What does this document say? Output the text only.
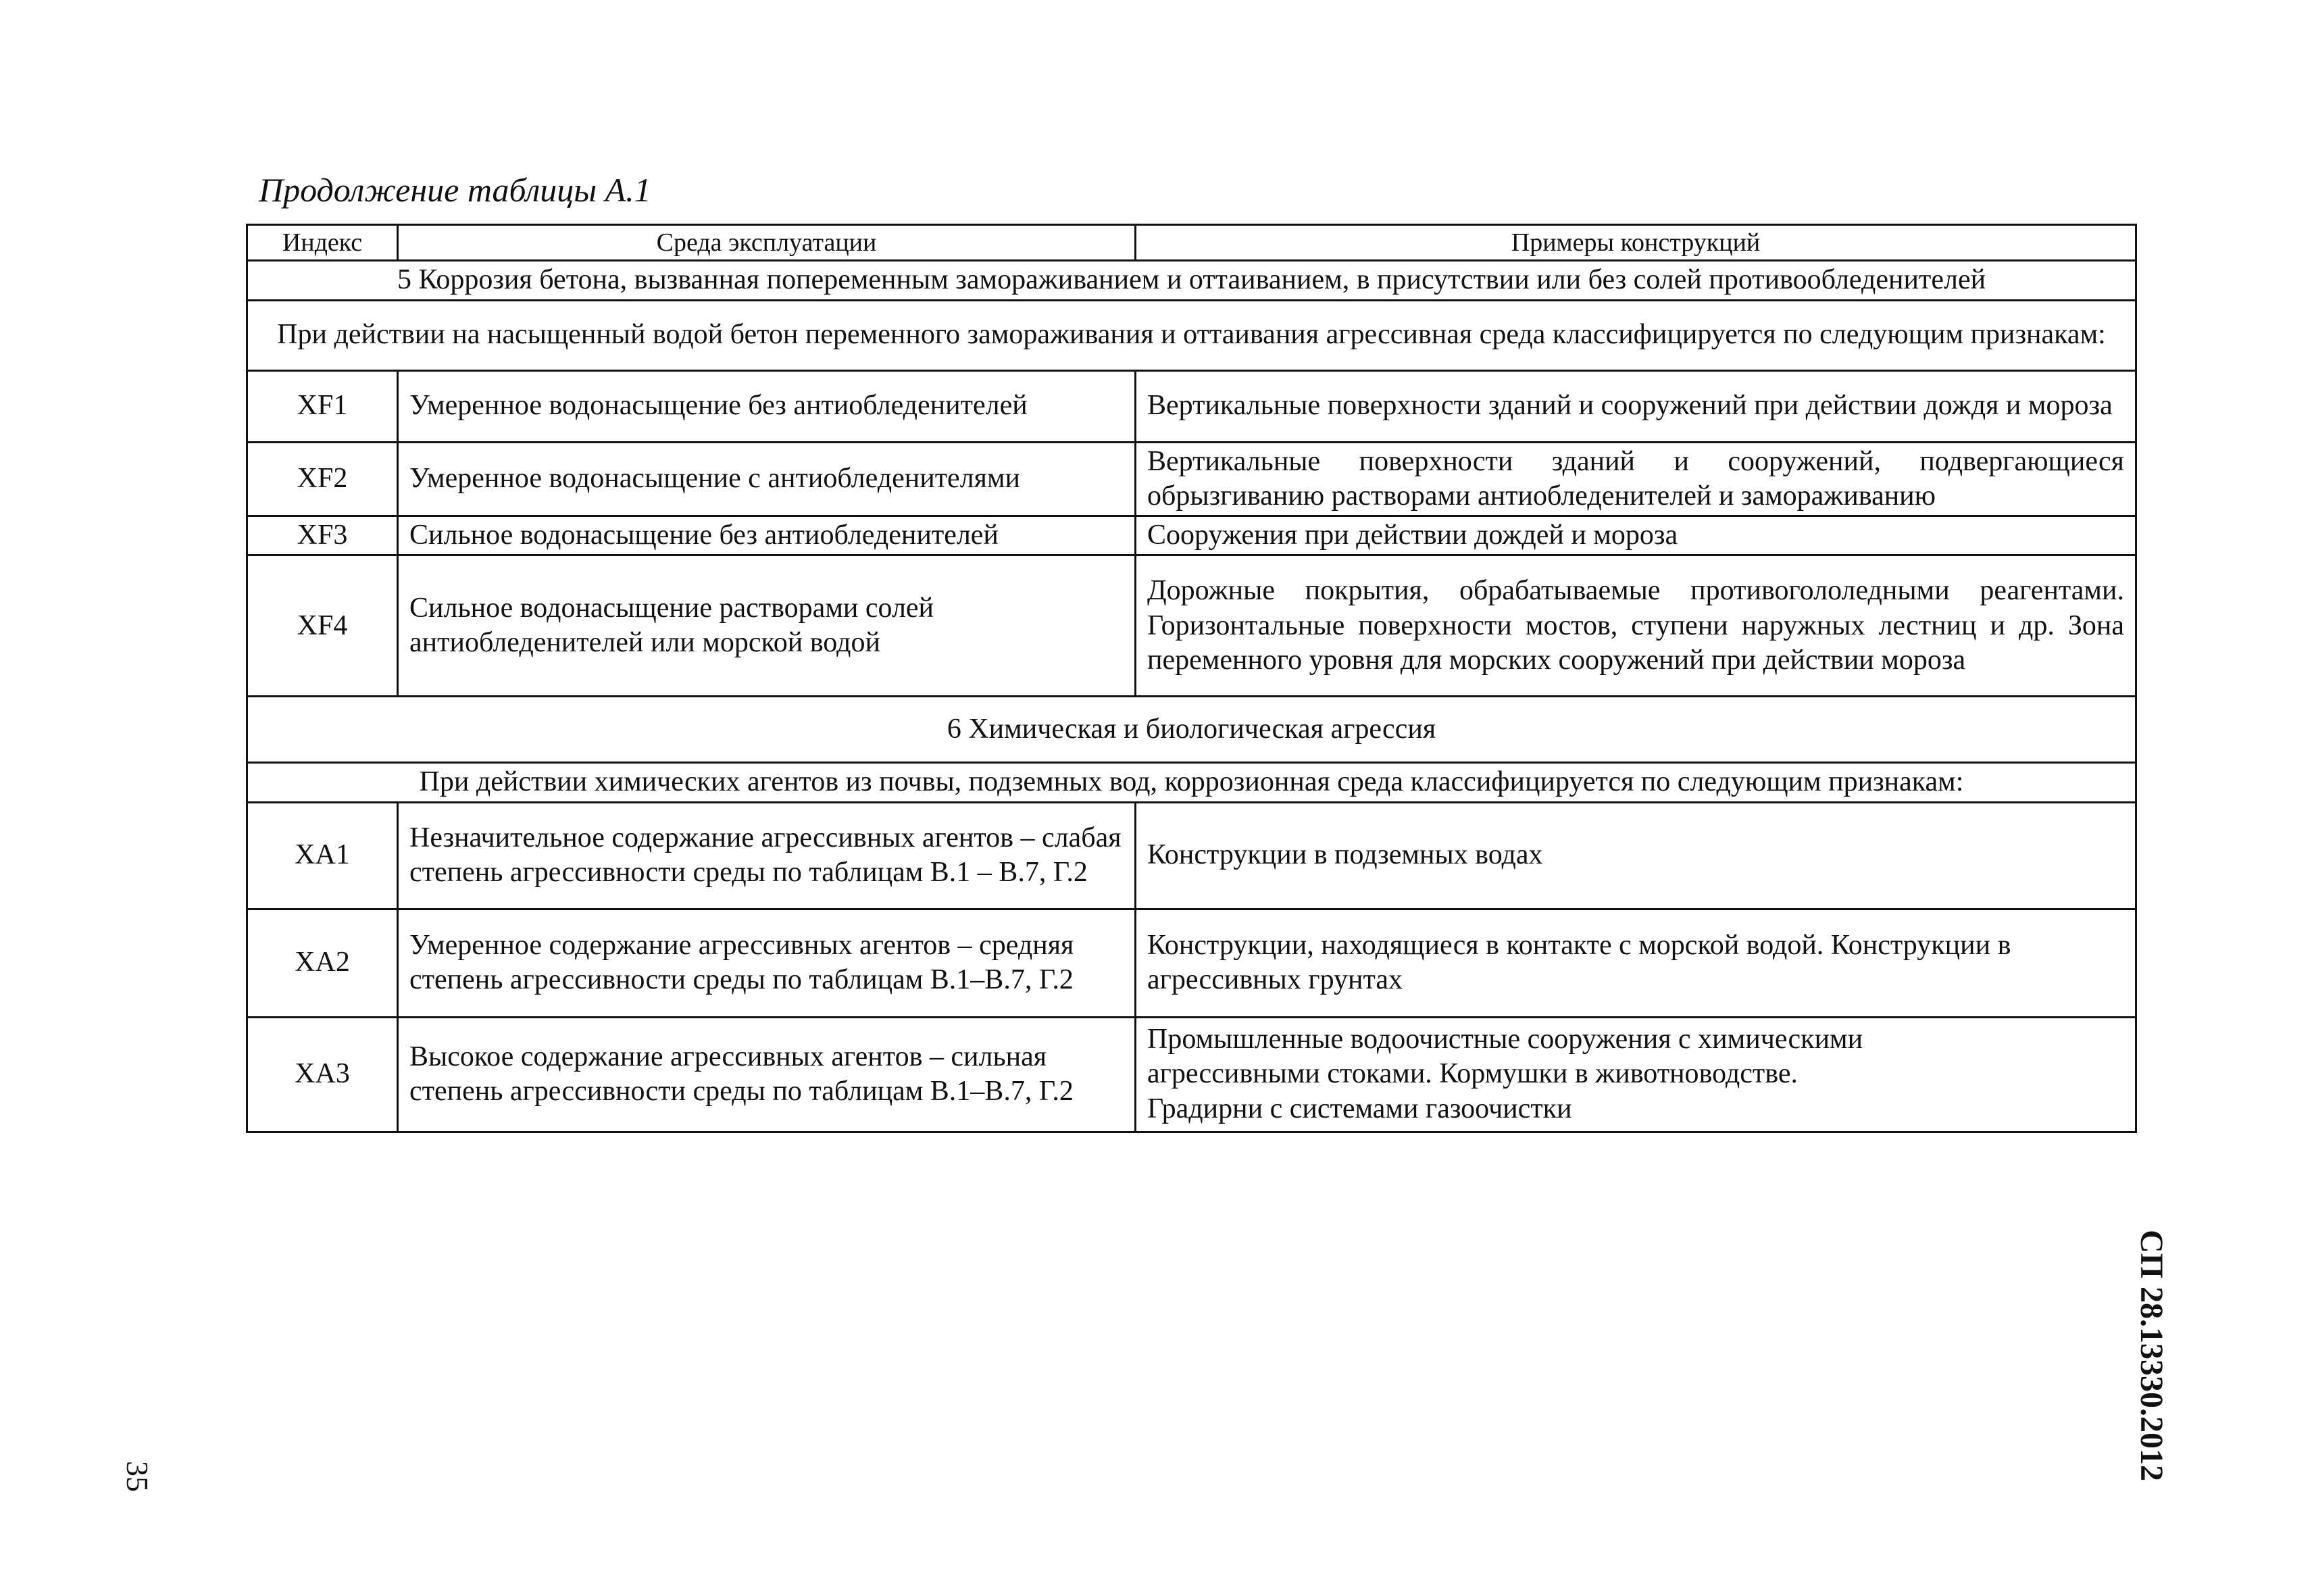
Продолжение таблицы А.1

Индекс	Среда эксплуатации	Примеры конструкций
5 Коррозия бетона, вызванная попеременным замораживанием и оттаиванием, в присутствии или без солей противообледенителей		
При действии на насыщенный водой бетон переменного замораживания и оттаивания агрессивная среда классифицируется по следующим признакам:		
XF1	Умеренное водонасыщение без антиобледенителей	Вертикальные поверхности зданий и сооружений при действии дождя и мороза
XF2	Умеренное водонасыщение с антиобледенителями	Вертикальные поверхности зданий и сооружений, подвергающиеся обрызгиванию растворами антиобледенителей и замораживанию
XF3	Сильное водонасыщение без антиобледенителей	Сооружения при действии дождей и мороза
XF4	Сильное водонасыщение растворами солей антиобледенителей или морской водой	Дорожные покрытия, обрабатываемые противогололедными реагентами. Горизонтальные поверхности мостов, ступени наружных лестниц и др. Зона переменного уровня для морских сооружений при действии мороза
6 Химическая и биологическая агрессия		
При действии химических агентов из почвы, подземных вод, коррозионная среда классифицируется по следующим признакам:		
XA1	Незначительное содержание агрессивных агентов – слабая степень агрессивности среды по таблицам В.1 – В.7, Г.2	Конструкции в подземных водах
XA2	Умеренное содержание агрессивных агентов – средняя степень агрессивности среды по таблицам В.1–В.7, Г.2	Конструкции, находящиеся в контакте с морской водой. Конструкции в агрессивных грунтах
XA3	Высокое содержание агрессивных агентов – сильная степень агрессивности среды по таблицам В.1–В.7, Г.2	Промышленные водоочистные сооружения с химическими
агрессивными стоками. Кормушки в животноводстве.
Градирни с системами газоочистки
35	СП 28.13330.2012
